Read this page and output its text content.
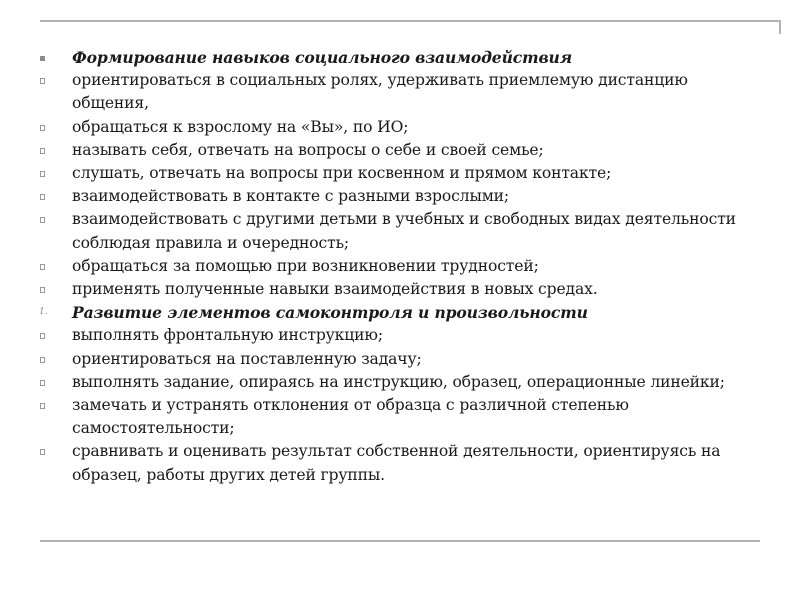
Формирование навыков социального взаимодействия
ориентироваться в социальных ролях, удерживать приемлемую дистанцию общения,
обращаться к взрослому на «Вы», по ИО;
называть себя, отвечать на вопросы о себе и своей семье;
слушать, отвечать на вопросы при косвенном и прямом контакте;
взаимодействовать в контакте с разными взрослыми;
взаимодействовать с другими детьми в учебных и свободных видах деятельности соблюдая правила и очередность;
обращаться за помощью при возникновении трудностей;
применять полученные навыки взаимодействия в новых средах.
1. Развитие элементов самоконтроля и произвольности
выполнять фронтальную инструкцию;
ориентироваться на поставленную задачу;
выполнять задание, опираясь на инструкцию, образец, операционные линейки;
замечать и устранять отклонения от образца с различной степенью самостоятельности;
сравнивать и оценивать результат собственной деятельности, ориентируясь на образец, работы других детей группы.
